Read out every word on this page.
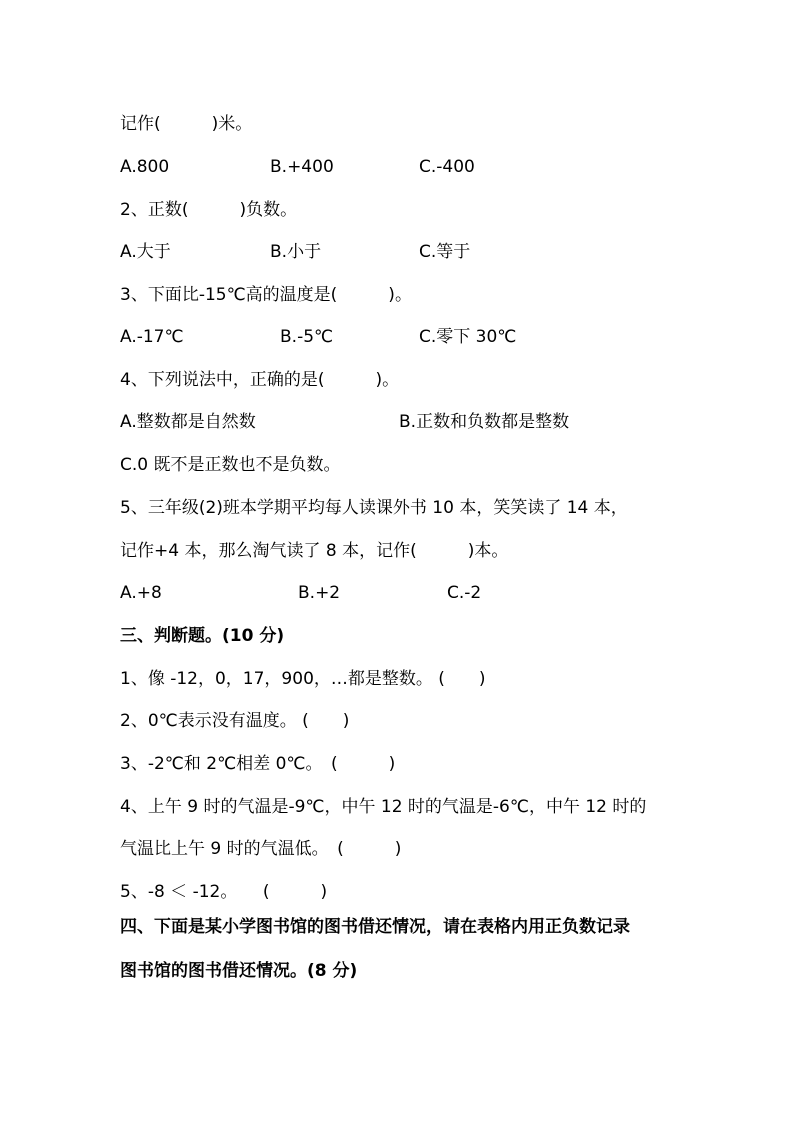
记作(　　　)米。
A.800	B.+400	C.-400
2、正数(　　　)负数。
A.大于	B.小于	C.等于
3、下面比-15℃高的温度是(　　　)。
A.-17℃	B.-5℃	C.零下 30℃
4、下列说法中，正确的是(　　　)。
A.整数都是自然数	B.正数和负数都是整数
C.0 既不是正数也不是负数。
5、三年级(2)班本学期平均每人读课外书 10 本，笑笑读了 14 本，
记作+4 本，那么淘气读了 8 本，记作(　　　)本。
A.+8	B.+2	C.-2
三、判断题。(10 分)
1、像 -12，0，17，900，…都是整数。 (　　)
2、0℃表示没有温度。 (　　)
3、-2℃和 2℃相差 0℃。　(　　　)
4、上午 9 时的气温是-9℃，中午 12 时的气温是-6℃，中午 12 时的
气温比上午 9 时的气温低。　(　　　)
5、-8 ＜ -12。　　(　　　)
四、下面是某小学图书馆的图书借还情况，请在表格内用正负数记录
图书馆的图书借还情况。(8 分)
